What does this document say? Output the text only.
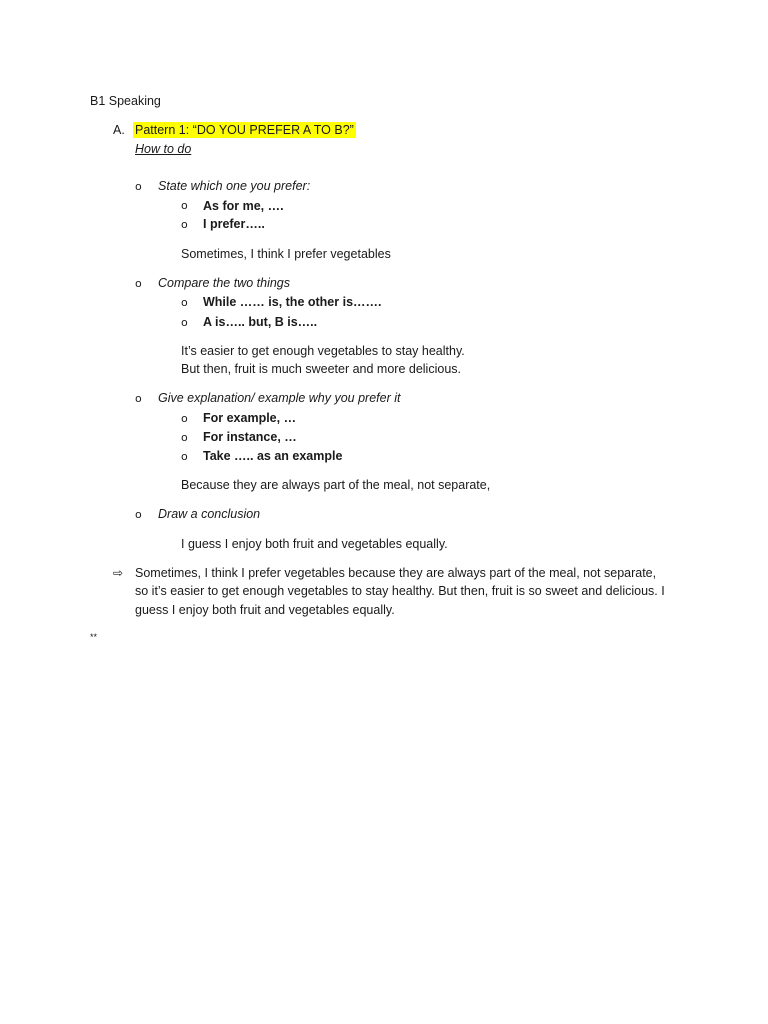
B1 Speaking
A. Pattern 1: “DO YOU PREFER A TO B?”
How to do
o State which one you prefer:
o As for me, ….
o I prefer…..
Sometimes, I think I prefer vegetables
o Compare the two things
o While …… is, the other is…….
o A is….. but, B is…..
It’s easier to get enough vegetables to stay healthy.
But then, fruit is much sweeter and more delicious.
o Give explanation/ example why you prefer it
o For example, …
o For instance, …
o Take ….. as an example
Because they are always part of the meal, not separate,
o Draw a conclusion
I guess I enjoy both fruit and vegetables equally.
⇨ Sometimes, I think I prefer vegetables because they are always part of the meal, not separate,
so it’s easier to get enough vegetables to stay healthy. But then, fruit is so sweet and delicious. I
guess I enjoy both fruit and vegetables equally.
**
